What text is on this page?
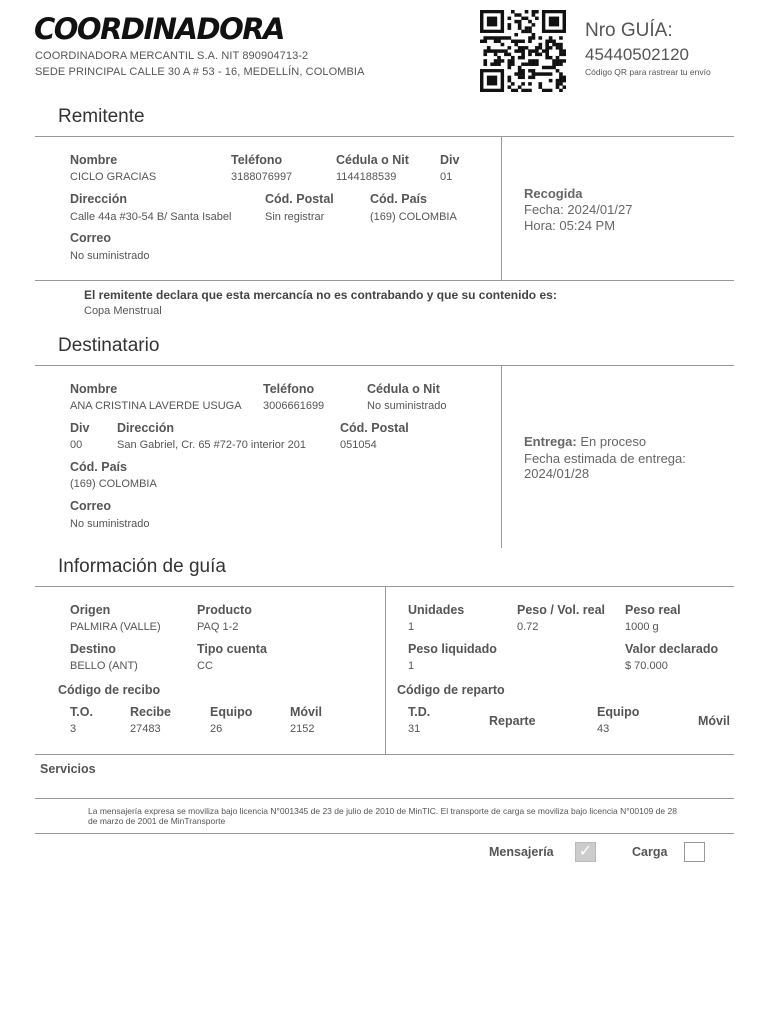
COORDINADORA
COORDINADORA MERCANTIL S.A. NIT 890904713-2
SEDE PRINCIPAL CALLE 30 A # 53 - 16, MEDELLÍN, COLOMBIA
Nro GUÍA:
45440502120
Código QR para rastrear tu envío
Remitente
Nombre
CICLO GRACIAS
Teléfono
3188076997
Cédula o Nit
1144188539
Div
01
Dirección
Calle 44a #30-54 B/ Santa Isabel
Cód. Postal
Sin registrar
Cód. País
(169) COLOMBIA
Correo
No suministrado
Recogida
Fecha: 2024/01/27
Hora: 05:24 PM
El remitente declara que esta mercancía no es contrabando y que su contenido es:
Copa Menstrual
Destinatario
Nombre
ANA CRISTINA LAVERDE USUGA
Teléfono
3006661699
Cédula o Nit
No suministrado
Div
00
Dirección
San Gabriel, Cr. 65 #72-70 interior 201
Cód. Postal
051054
Cód. País
(169) COLOMBIA
Correo
No suministrado
Entrega: En proceso
Fecha estimada de entrega:
2024/01/28
Información de guía
Origen
PALMIRA (VALLE)
Producto
PAQ 1-2
Destino
BELLO (ANT)
Tipo cuenta
CC
Código de recibo
T.O.
3
Recibe
27483
Equipo
26
Móvil
2152
Unidades
1
Peso / Vol. real
0.72
Peso real
1000 g
Peso liquidado
1
Valor declarado
$ 70.000
Código de reparto
T.D.
31
Reparte
Equipo
43
Móvil
Servicios
La mensajería expresa se moviliza bajo licencia N°001345 de 23 de julio de 2010 de MinTIC. El transporte de carga se moviliza bajo licencia N°00109 de 28 de marzo de 2001 de MinTransporte
Mensajería ✓	Carga
